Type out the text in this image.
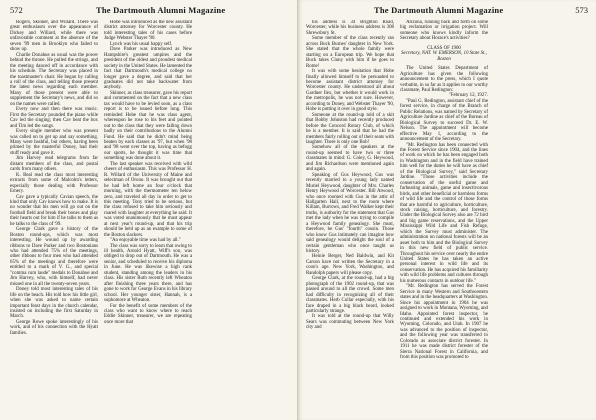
572	The Dartmouth Alumni Magazine

Rogers, Skinner, and Willard. There was great enthusiasm over the appearance of Dickey and Willard, while there was unfavorable comment at the absence of the seven '99 men in Brooklyn who failed to show up.

Charlie Donahue as usual was the power behind the throne. He pulled the strings, and the meeting danced off in accordance with his schedule. The Secretary was placed in the toastmaster's chair. He began by calling a roll of the class, and telling those present the latest news regarding each member. Many of those present were able to supplement the Secretary's news, and did so on the names were called.

Every now and then there was music. First the Secretary pounded the piano while Cav led the singing; then Cav beat the box and Tim led the songs.

Every single member who was present was called on to get up and say something. Many were bashful, but others, having been primed by the masterful Doney, had their stuff ready and gave it.

Jim Harvey read telegrams from far distant members of the class, and postal cards from many others.

K. Beal read the class most interesting extracts from some of Malcolm's letters, especially those dealing with Professor Emery.

Cav gave a typically Cavian speech, the kind that only Cav knows how to make. It is no wonder that his men will go out on the football field and break their bones and play their hearts out for him if he talks to them as he talks to the class of '99.

George Clark gave a history of the Boston round-ups, which was most interesting. He wound up by awarding ribbons to Dave Parker and two Bostonians who had attended 75% of the meetings, other ribbons to four men who had attended 65% of the meetings and therefore were entitled to a mark of V. G., and special "comma cum laude" medals to Donahue and Jim Harvey, who, with himself, had never missed one in all the twenty-seven years.

Doney told most interesting tales of his life on the beach. His told how his little girl, when she was asked to name certain important feast days in the church calendar, insisted on including the first Saturday in March.

George Rowe spoke interestingly of his work, and of his connection with the Hyatt families.

Hobe was introduced as the new assistant district attorney for Worcester county. He told interesting tales of his cases before Judge Webster Thayer '90.

Lynch was his usual happy self.

Dave Parker was introduced as New Hampshire's greatest umpires and the president of the oldest and proudest medical society in the United States. He lamented the fact that Dartmouth's medical college no longer gave a degree, and said that her graduates did not take backwater from anybody.

Skinner, as class treasurer, gave his report and commented on the fact that a new class tax would have to be levied soon, as a class report is to be issued before long. This reminded Hobe that he was class agent, whereupon he rose to his feet and pointed out to the class that they were falling down badly on their contributions to the Alumni Fund. He said that he didn't mind being beaten by each classes as '97, but when '98 and '98 went over the top, having as befogg our sports, he thought it was time that something was done about it.

The last speaker was received with wild cheers of enthusiasm. This was Professor H. R. Willard of the University of Maine and selectman of Orono. It was brought out that he had left home an four o'clock that morning, with the thermometer ten below zero, and traveled all day in order to get to this meeting. Tony tried to be serious, but the class refused to take him seriously and roared with laughter at everything he said. It was voted unanimously that he must appear at next year's round-up, and that his trip should be held up as an example to some of the Boston slackers.

"An enjoyable time was had by all."

The class was sorry to learn that owing to ill health, Arnold Hyatt, Wiff's son, was obliged to drop out of Dartmouth. He was a senior, and scheduled to receive his diploma in June. He was likewise a high rank student, standing among the leaders in his class. His sister Ruth recently left Wheaton after finishing three years there, and has gone to work for George Evans in his library school. Her younger sister, Hannah, is a sophomore at Wheaton.

For the benefit of some members of the class who want to know where to reach Eddie Skinner, treasurer, we are repeating once more that

The Dartmouth Alumni Magazine	573

his address is 34 Brighton Road, Worcester, while his business address is 308 Shrewsbury St.

Some member of the class recently ran across Buck Burnes' daughter in New York. She stated that the whole family were starting on a European trip. We hope that Buck takes Cluny with him if he goes to Rome!

It was with some hesitation that Hobe finally allowed himself to be persuaded to become assistant district attorney for Worcester county. He understood all about Gardner Ilex, but whether it would work in the metropolis, he was not sure. However, according to Doney, and Webster Thayer '90, Hobe is putting it over in good style.

Someone at the round-up told of a skit that Bobby Johnston had recently produced before the Concord Rotary Club, of which he is a member. It is said that he had the members fairly rolling out of their seats with laughter. There is only one Bob!

Somehow all of the speakers at the round-up seemed to have two or three classmates in mind: G. Coley, G. Heywood, and Jim Richardson were mentioned again and again.

Speaking of Gus Heywood, Gus was recently married to a young lady named Muriel Heywood, daughter of Mrs. Charles Henry Heywood of Worcester. Bill Atwood, who once roomed with Gus in the attic of Hallgarten Hall, next to the room where Killam, Burrows, and Fred Walker kept their truths, is authority for the statement that Gus met the lady when he was trying to compile a Heywood family genealogy. She must, therefore, be Gus' "fourth" cousin. Those who know Gus intimately can imagine how said genealogy would delight the soul of a certain gentleman who once taught us history.

Heinie Berger, Ned Baldwin, and Kit Carson have not written the Secretary in a coon's age. New York, Washington, and Randolph papers will please copy.

George Clark, at the round-up, had a big photograph of the 1902 round-up, that was passed around to all the crowd. Some men had difficulty in recognizing all of their classmates. Herb Collar especially, with his face draped in a big black beard, looked particularly strange.

It was told at the round-up that Willy Sears was commuting between New York city and

Arizona, running back and forth on some big reclamation or irrigation project. Will someone who knows kindly inform the Secretary about Horace's activities?

CLASS OF 1900

Secretary, NAT. W. EMERSON, 10 State St., Boston

The United States Department of Agriculture has given the following announcement to the press, which I quote verbatim, in so far as it applies to our worthy classmate, Paul Redington:

"February 12, 1927.

"Paul G. Redington, assistant chief of the forest service, in charge of the Branch of Public Relations, was named by Secretary of Agriculture Jardine as chief of the Bureau of Biological Survey to succeed Dr. E. W. Nelson. The appointment will become effective May 1, according to the announcement of the Secretary.

"Mr. Redington has been connected with the Forest Service since 1904, and the lines of work on which he has been engaged both in Washington and in the field have trained him well for the duties he will have as chief of the Biological Survey," said Secretary Jardine. "Those activities include the conservation of the useful game and furbearing animals, game and insectivorous birds, and other beneficial or harmless forms of wild life and the control of those forms that are harmful to agriculture, horticulture, stock raising, horticulture, and forestry. Under the Biological Survey also are 72 bird and big game reservations, and the Upper Mississippi Wild Life and Fish Refuge, which the Survey must administer. The administration on national forests will be an asset both to him and the Biological Survey in this new field of public service. Throughout his service over nearly the entire United States he has taken an active personal interest in wild life and its conservation. He has acquired his familiarity with wild life problems and cultures through his numerous contacts in outdoor life."

"Mr. Redington has served the Forest Service in many Western and Southwestern states and in the headquarters at Washington. Since his appointment in 1904 he was assigned to work in Montana, Wyoming, and Idaho. Appointed forest inspector, he continued and extended his work in Wyoming, Colorado, and Utah. In 1907 he was advanced to the position of inspector, and the following year was transferred to Colorado as associate district forester. In 1911 he was made district forester of the Sierra National Forest in California, and from this position was promoted to
